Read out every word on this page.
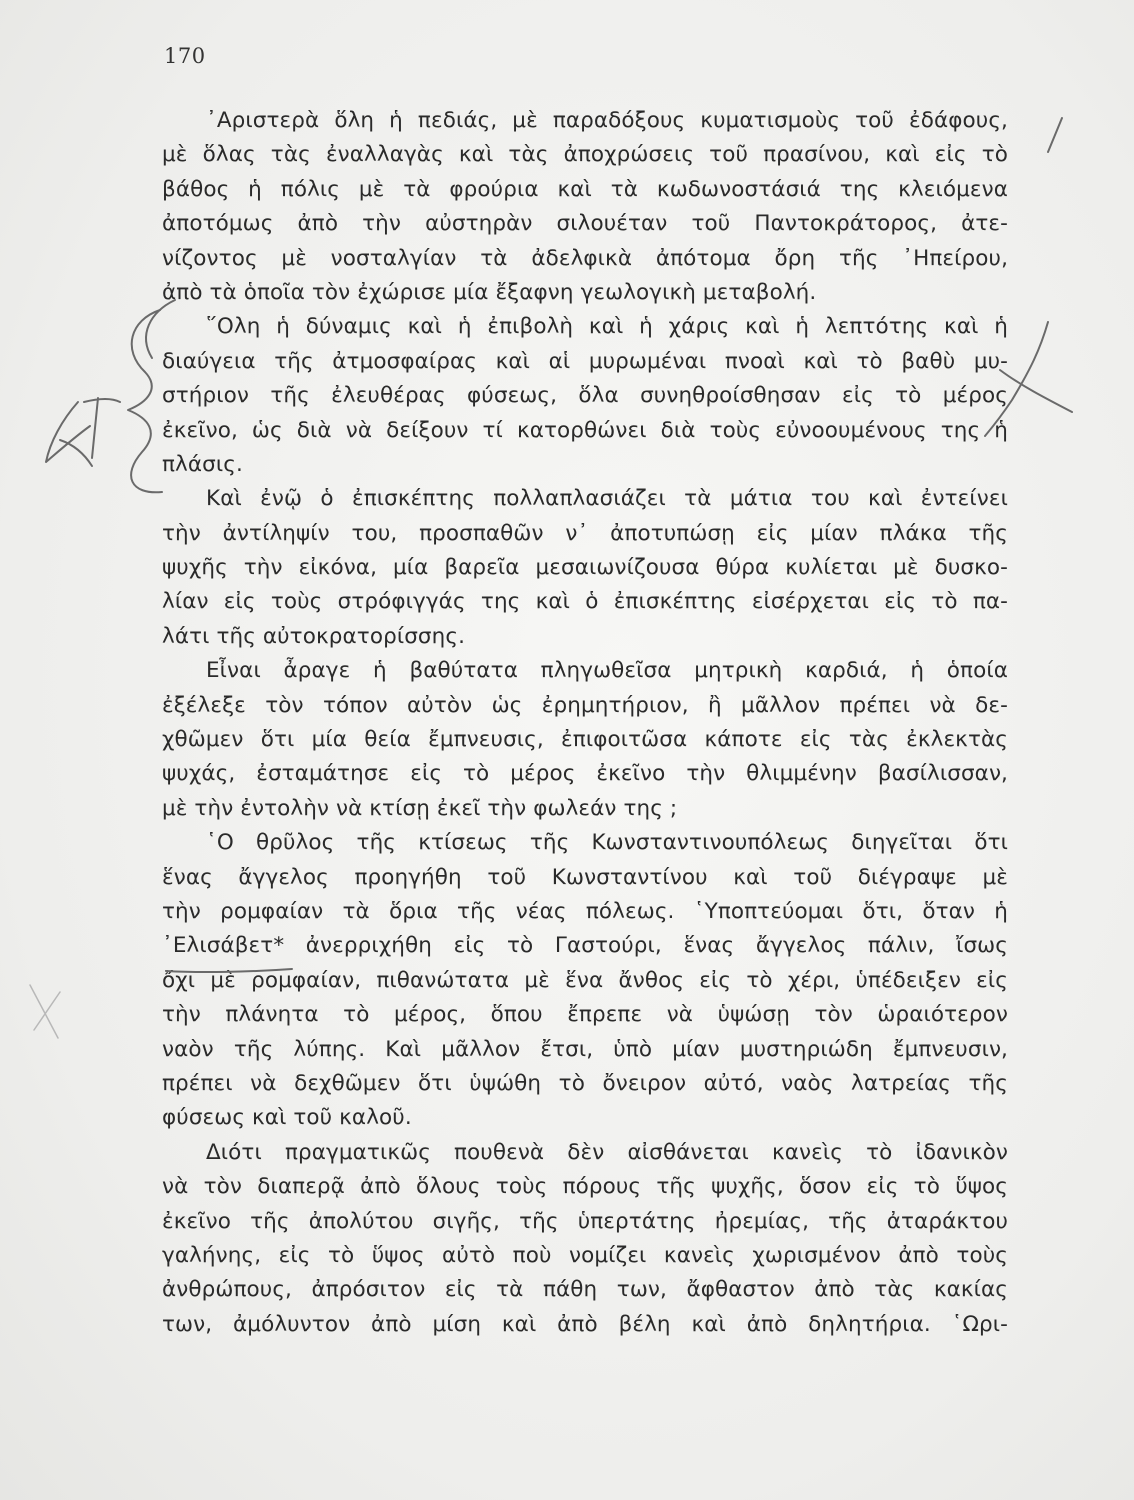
170
᾿Αριστερὰ ὅλη ἡ πεδιάς, μὲ παραδόξους κυματισμοὺς τοῦ ἐδάφους,
μὲ ὅλας τὰς ἐναλλαγὰς καὶ τὰς ἀποχρώσεις τοῦ πρασίνου, καὶ εἰς τὸ
βάθος ἡ πόλις μὲ τὰ φρούρια καὶ τὰ κωδωνοστάσιά της κλειόμενα
ἀποτόμως ἀπὸ τὴν αὐστηρὰν σιλουέταν τοῦ Παντοκράτορος, ἀτε-
νίζοντος μὲ νοσταλγίαν τὰ ἀδελφικὰ ἀπότομα ὄρη τῆς ᾿Ηπείρου,
ἀπὸ τὰ ὁποῖα τὸν ἐχώρισε μία ἔξαφνη γεωλογικὴ μεταβολή.
῞Ολη ἡ δύναμις καὶ ἡ ἐπιβολὴ καὶ ἡ χάρις καὶ ἡ λεπτότης καὶ ἡ
διαύγεια τῆς ἀτμοσφαίρας καὶ αἱ μυρωμέναι πνοαὶ καὶ τὸ βαθὺ μυ-
στήριον τῆς ἐλευθέρας φύσεως, ὅλα συνηθροίσθησαν εἰς τὸ μέρος
ἐκεῖνο, ὡς διὰ νὰ δείξουν τί κατορθώνει διὰ τοὺς εὐνοουμένους της ἡ
πλάσις.
Καὶ ἐνῷ ὁ ἐπισκέπτης πολλαπλασιάζει τὰ μάτια του καὶ ἐντείνει
τὴν ἀντίληψίν του, προσπαθῶν ν᾿ ἀποτυπώσῃ εἰς μίαν πλάκα τῆς
ψυχῆς τὴν εἰκόνα, μία βαρεῖα μεσαιωνίζουσα θύρα κυλίεται μὲ δυσκο-
λίαν εἰς τοὺς στρόφιγγάς της καὶ ὁ ἐπισκέπτης εἰσέρχεται εἰς τὸ πα-
λάτι τῆς αὐτοκρατορίσσης.
Εἶναι ἆραγε ἡ βαθύτατα πληγωθεῖσα μητρικὴ καρδιά, ἡ ὁποία
ἐξέλεξε τὸν τόπον αὐτὸν ὡς ἐρημητήριον, ἢ μᾶλλον πρέπει νὰ δε-
χθῶμεν ὅτι μία θεία ἔμπνευσις, ἐπιφοιτῶσα κάποτε εἰς τὰς ἐκλεκτὰς
ψυχάς, ἐσταμάτησε εἰς τὸ μέρος ἐκεῖνο τὴν θλιμμένην βασίλισσαν,
μὲ τὴν ἐντολὴν νὰ κτίσῃ ἐκεῖ τὴν φωλεάν της ;
῾Ο θρῦλος τῆς κτίσεως τῆς Κωνσταντινουπόλεως διηγεῖται ὅτι
ἕνας ἄγγελος προηγήθη τοῦ Κωνσταντίνου καὶ τοῦ διέγραψε μὲ
τὴν ρομφαίαν τὰ ὅρια τῆς νέας πόλεως. ῾Υποπτεύομαι ὅτι, ὅταν ἡ
᾿Ελισάβετ* ἀνερριχήθη εἰς τὸ Γαστούρι, ἕνας ἄγγελος πάλιν, ἴσως
ὄχι μὲ ρομφαίαν, πιθανώτατα μὲ ἕνα ἄνθος εἰς τὸ χέρι, ὑπέδειξεν εἰς
τὴν πλάνητα τὸ μέρος, ὅπου ἔπρεπε νὰ ὑψώσῃ τὸν ὡραιότερον
ναὸν τῆς λύπης. Καὶ μᾶλλον ἔτσι, ὑπὸ μίαν μυστηριώδη ἔμπνευσιν,
πρέπει νὰ δεχθῶμεν ὅτι ὑψώθη τὸ ὄνειρον αὐτό, ναὸς λατρείας τῆς
φύσεως καὶ τοῦ καλοῦ.
Διότι πραγματικῶς πουθενὰ δὲν αἰσθάνεται κανεὶς τὸ ἰδανικὸν
νὰ τὸν διαπερᾷ ἀπὸ ὅλους τοὺς πόρους τῆς ψυχῆς, ὅσον εἰς τὸ ὕψος
ἐκεῖνο τῆς ἀπολύτου σιγῆς, τῆς ὑπερτάτης ἠρεμίας, τῆς ἀταράκτου
γαλήνης, εἰς τὸ ὕψος αὐτὸ ποὺ νομίζει κανεὶς χωρισμένον ἀπὸ τοὺς
ἀνθρώπους, ἀπρόσιτον εἰς τὰ πάθη των, ἄφθαστον ἀπὸ τὰς κακίας
των, ἀμόλυντον ἀπὸ μίση καὶ ἀπὸ βέλη καὶ ἀπὸ δηλητήρια. ῾Ωρι-
